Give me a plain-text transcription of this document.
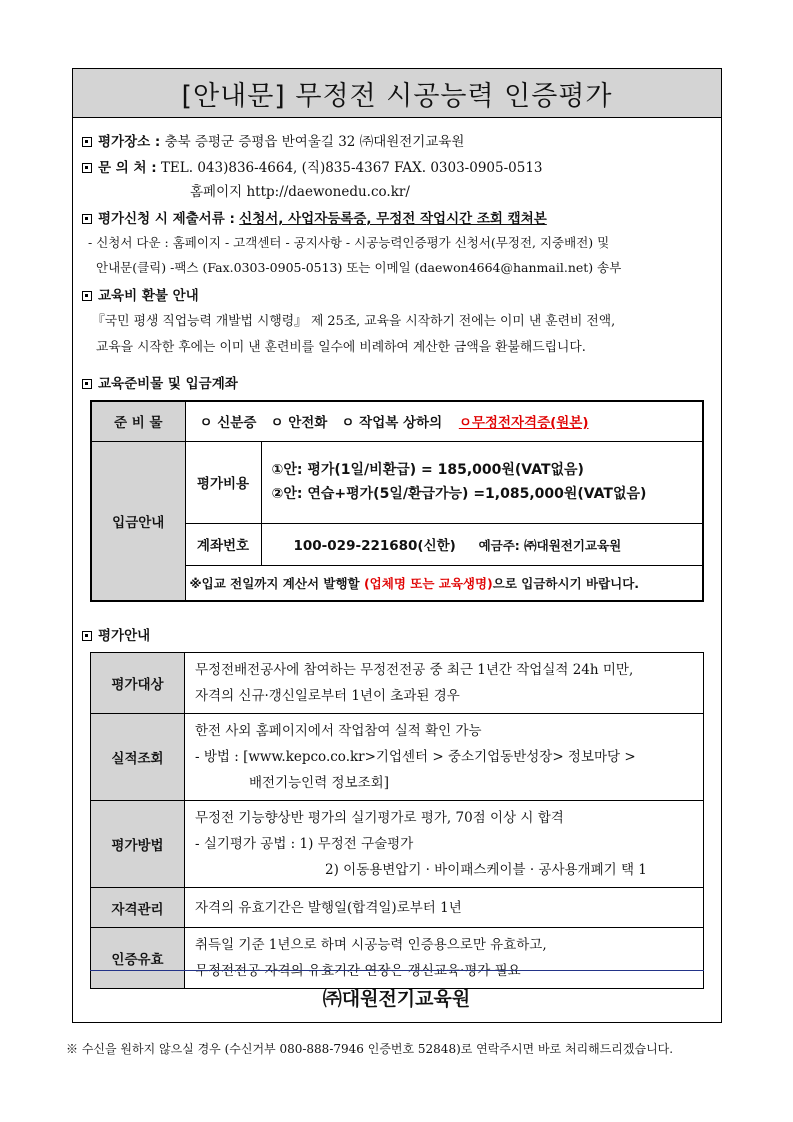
[안내문] 무정전 시공능력 인증평가
평가장소 : 충북 증평군 증평읍 반여울길 32 ㈜대원전기교육원
문 의 처 : TEL. 043)836-4664, (직)835-4367 FAX. 0303-0905-0513
홈페이지 http://daewonedu.co.kr/
평가신청 시 제출서류 : 신청서, 사업자등록증, 무정전 작업시간 조회 캡쳐본
- 신청서 다운 : 홈페이지 - 고객센터 - 공지사항 - 시공능력인증평가 신청서(무정전, 지중배전) 및
안내문(클릭) -팩스 (Fax.0303-0905-0513) 또는 이메일 (daewon4664@hanmail.net) 송부
교육비 환불 안내
『국민 평생 직업능력 개발법 시행령』 제 25조, 교육을 시작하기 전에는 이미 낸 훈련비 전액,
교육을 시작한 후에는 이미 낸 훈련비를 일수에 비례하여 계산한 금액을 환불해드립니다.
교육준비물 및 입금계좌
준 비 물	ㅇ 신분증   ㅇ 안전화   ㅇ 작업복 상하의 ㅇ무정전자격증(원본)	
입금안내	평가비용	①안: 평가(1일/비환급) = 185,000원(VAT없음)
②안: 연습+평가(5일/환급가능) =1,085,000원(VAT없음)

	계좌번호	100-029-221680(신한) 예금주: ㈜대원전기교육원
	※입교 전일까지 계산서 발행할 (업체명 또는 교육생명)으로 입금하시기 바랍니다.	
평가안내
평가대상	무정전배전공사에 참여하는 무정전전공 중 최근 1년간 작업실적 24h 미만,
자격의 신규·갱신일로부터 1년이 초과된 경우

실적조회	한전 사외 홈페이지에서 작업참여 실적 확인 가능
- 방법 : [www.kepco.co.kr>기업센터 > 중소기업동반성장> 정보마당 >
배전기능인력 정보조회]

평가방법	무정전 기능향상반 평가의 실기평가로 평가, 70점 이상 시 합격
- 실기평가 공법 : 1) 무정전 구술평가
2) 이동용변압기 · 바이패스케이블 · 공사용개폐기 택 1

자격관리	자격의 유효기간은 발행일(합격일)로부터 1년

인증유효	취득일 기준 1년으로 하며 시공능력 인증용으로만 유효하고,
무정전전공 자격의 유효기간 연장은 갱신교육·평가 필요
㈜대원전기교육원
※ 수신을 원하지 않으실 경우 (수신거부 080-888-7946 인증번호 52848)로 연락주시면 바로 처리해드리겠습니다.
